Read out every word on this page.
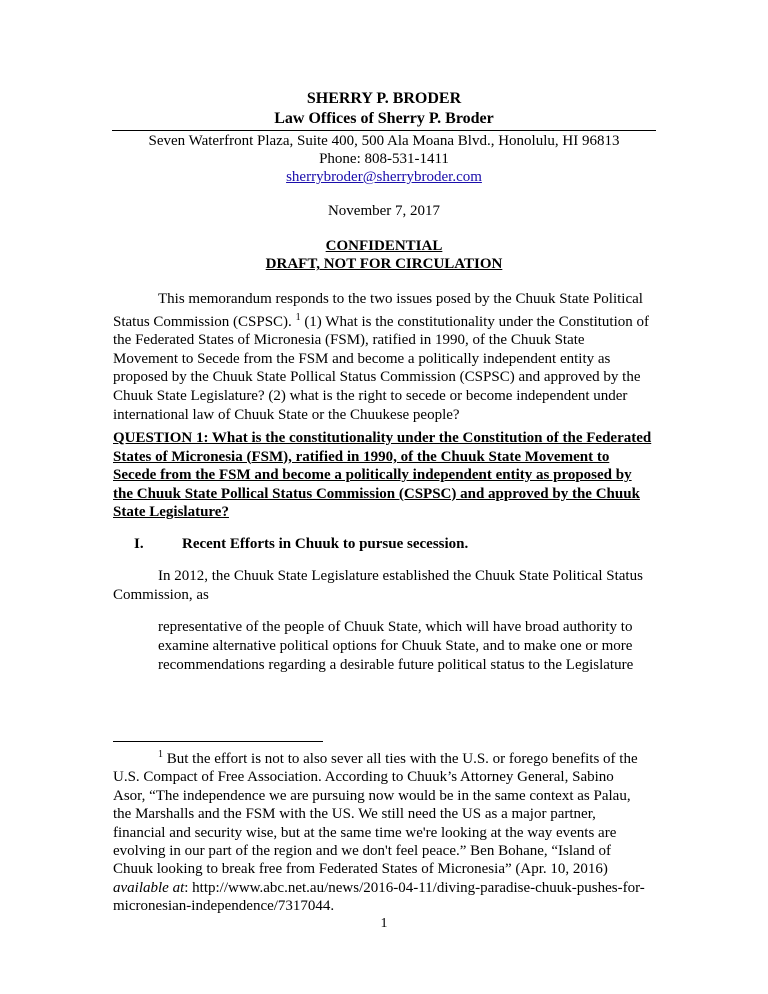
SHERRY P. BRODER
Law Offices of Sherry P. Broder
Seven Waterfront Plaza, Suite 400, 500 Ala Moana Blvd., Honolulu, HI 96813
Phone: 808-531-1411
sherrybroder@sherrybroder.com
November 7, 2017
CONFIDENTIAL
DRAFT, NOT FOR CIRCULATION
This memorandum responds to the two issues posed by the Chuuk State Political
Status Commission (CSPSC). $^1$ (1) What is the constitutionality under the Constitution of
the Federated States of Micronesia (FSM), ratified in 1990, of the Chuuk State
Movement to Secede from the FSM and become a politically independent entity as
proposed by the Chuuk State Pollical Status Commission (CSPSC) and approved by the
Chuuk State Legislature? (2) what is the right to secede or become independent under
international law of Chuuk State or the Chuukese people?
QUESTION 1: What is the constitutionality under the Constitution of the Federated
States of Micronesia (FSM), ratified in 1990, of the Chuuk State Movement to
Secede from the FSM and become a politically independent entity as proposed by
the Chuuk State Pollical Status Commission (CSPSC) and approved by the Chuuk
State Legislature?
I.	Recent Efforts in Chuuk to pursue secession.
In 2012, the Chuuk State Legislature established the Chuuk State Political Status
Commission, as
representative of the people of Chuuk State, which will have broad authority to
examine alternative political options for Chuuk State, and to make one or more
recommendations regarding a desirable future political status to the Legislature
$^1$ But the effort is not to also sever all ties with the U.S. or forego benefits of the
U.S. Compact of Free Association. According to Chuuk’s Attorney General, Sabino
Asor, “The independence we are pursuing now would be in the same context as Palau,
the Marshalls and the FSM with the US. We still need the US as a major partner,
financial and security wise, but at the same time we're looking at the way events are
evolving in our part of the region and we don't feel peace.” Ben Bohane, “Island of
Chuuk looking to break free from Federated States of Micronesia” (Apr. 10, 2016)
available at: http://www.abc.net.au/news/2016-04-11/diving-paradise-chuuk-pushes-for-
micronesian-independence/7317044.
1
